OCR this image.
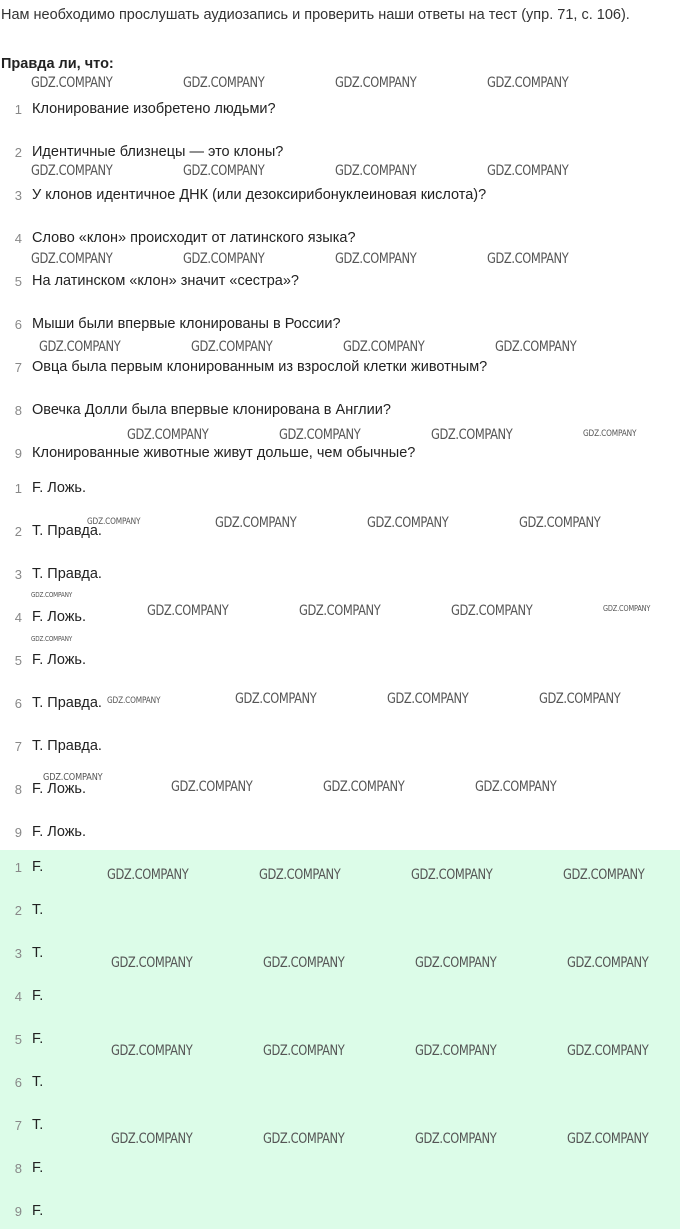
Нам необходимо прослушать аудиозапись и проверить наши ответы на тест (упр. 71, с. 106).
Правда ли, что:
1 Клонирование изобретено людьми?
2 Идентичные близнецы — это клоны?
3 У клонов идентичное ДНК (или дезоксирибонуклеиновая кислота)?
4 Слово «клон» происходит от латинского языка?
5 На латинском «клон» значит «сестра»?
6 Мыши были впервые клонированы в России?
7 Овца была первым клонированным из взрослой клетки животным?
8 Овечка Долли была впервые клонирована в Англии?
9 Клонированные животные живут дольше, чем обычные?
1 F. Ложь.
2 T. Правда.
3 T. Правда.
4 F. Ложь.
5 F. Ложь.
6 T. Правда.
7 T. Правда.
8 F. Ложь.
9 F. Ложь.
1 F.
2 T.
3 T.
4 F.
5 F.
6 T.
7 T.
8 F.
9 F.
GDZ.COMPANY	GDZ.COMPANY	GDZ.COMPANY	GDZ.COMPANY
GDZ.COMPANY	GDZ.COMPANY	GDZ.COMPANY	GDZ.COMPANY
GDZ.COMPANY	GDZ.COMPANY	GDZ.COMPANY	GDZ.COMPANY
GDZ.COMPANY	GDZ.COMPANY	GDZ.COMPANY	GDZ.COMPANY
GDZ.COMPANY	GDZ.COMPANY	GDZ.COMPANY	GDZ.COMPANY
GDZ.COMPANY	GDZ.COMPANY	GDZ.COMPANY	GDZ.COMPANY
GDZ.COMPANY
GDZ.COMPANY	GDZ.COMPANY	GDZ.COMPANY	GDZ.COMPANY
GDZ.COMPANY
GDZ.COMPANY	GDZ.COMPANY	GDZ.COMPANY	GDZ.COMPANY
GDZ.COMPANY
GDZ.COMPANY	GDZ.COMPANY	GDZ.COMPANY
GDZ.COMPANY	GDZ.COMPANY	GDZ.COMPANY	GDZ.COMPANY
GDZ.COMPANY	GDZ.COMPANY	GDZ.COMPANY	GDZ.COMPANY
GDZ.COMPANY	GDZ.COMPANY	GDZ.COMPANY	GDZ.COMPANY
GDZ.COMPANY	GDZ.COMPANY	GDZ.COMPANY	GDZ.COMPANY
